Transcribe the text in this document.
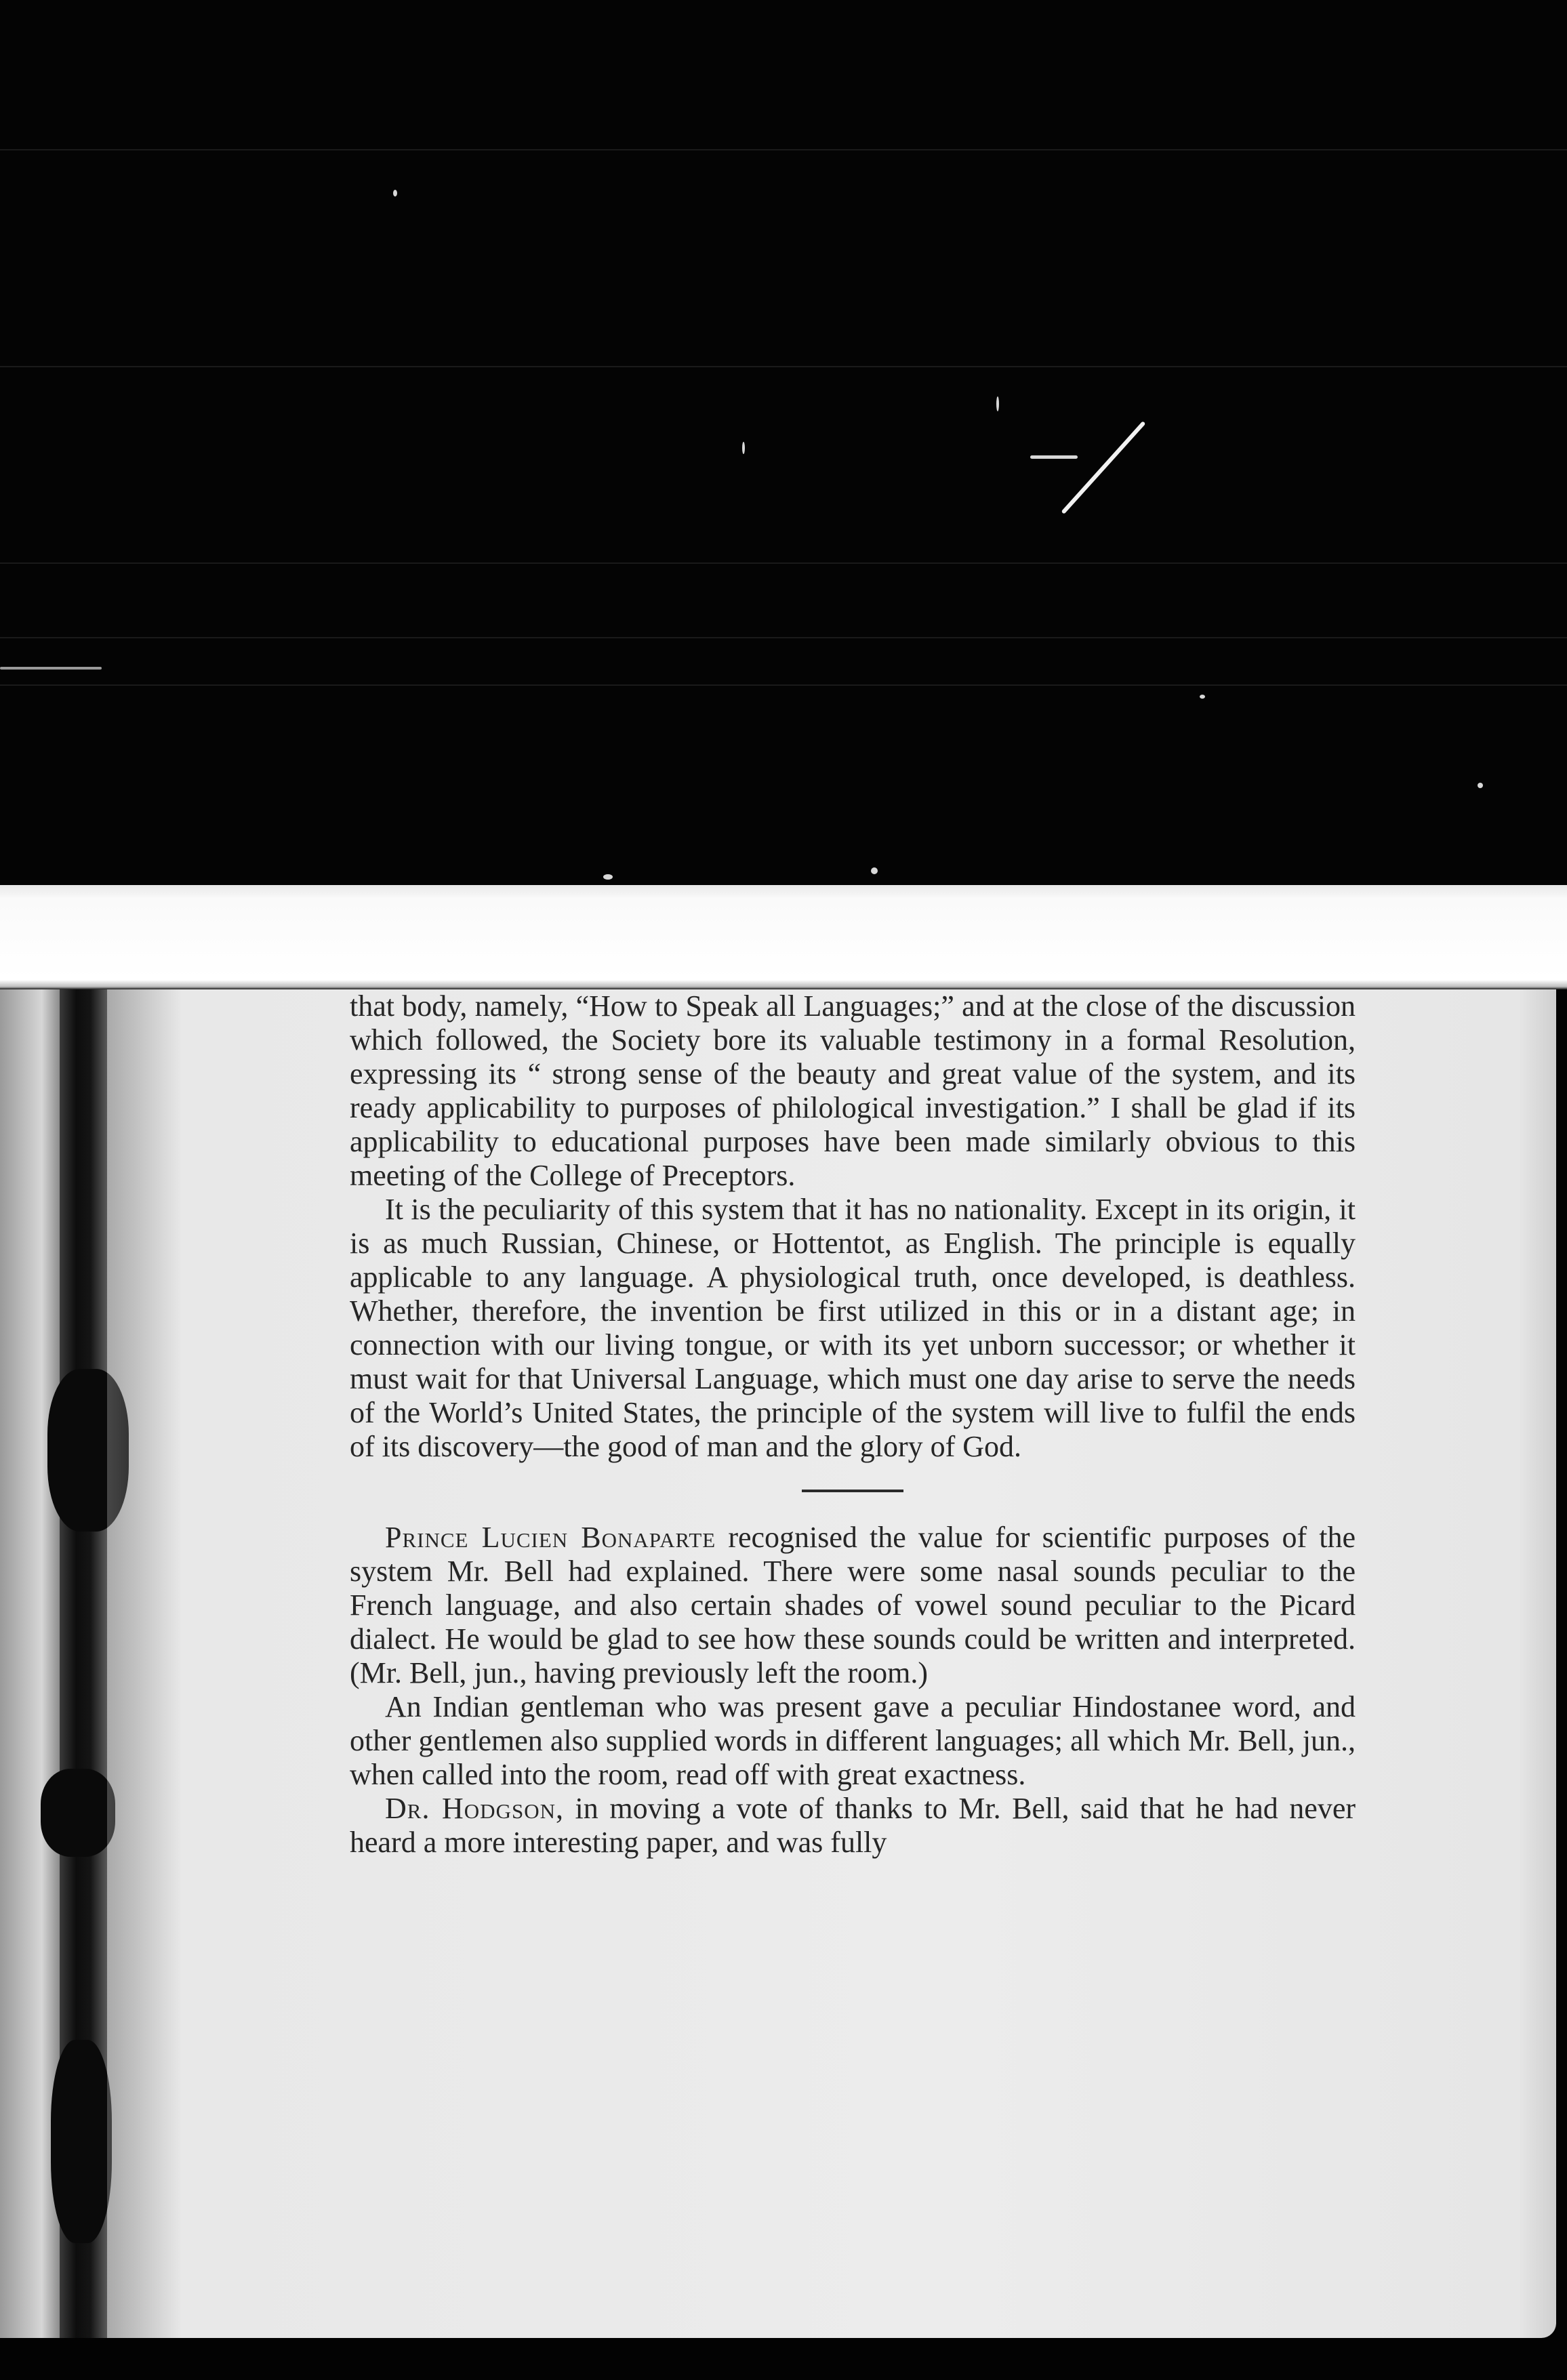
that body, namely, “How to Speak all Languages;” and at the close of the discussion which followed, the Society bore its valuable testimony in a formal Resolution, expressing its “ strong sense of the beauty and great value of the system, and its ready applicability to purposes of philological investigation.” I shall be glad if its applicability to educational purposes have been made similarly obvious to this meeting of the College of Preceptors.

It is the peculiarity of this system that it has no nationality. Except in its origin, it is as much Russian, Chinese, or Hottentot, as English. The principle is equally applicable to any language. A physiological truth, once developed, is deathless. Whether, therefore, the invention be first utilized in this or in a distant age; in connection with our living tongue, or with its yet unborn successor; or whether it must wait for that Universal Language, which must one day arise to serve the needs of the World’s United States, the principle of the system will live to fulfil the ends of its discovery—the good of man and the glory of God.

Prince Lucien Bonaparte recognised the value for scientific purposes of the system Mr. Bell had explained. There were some nasal sounds peculiar to the French language, and also certain shades of vowel sound peculiar to the Picard dialect. He would be glad to see how these sounds could be written and interpreted. (Mr. Bell, jun., having previously left the room.)

An Indian gentleman who was present gave a peculiar Hindostanee word, and other gentlemen also supplied words in different languages; all which Mr. Bell, jun., when called into the room, read off with great exactness.

Dr. Hodgson, in moving a vote of thanks to Mr. Bell, said that he had never heard a more interesting paper, and was fully
